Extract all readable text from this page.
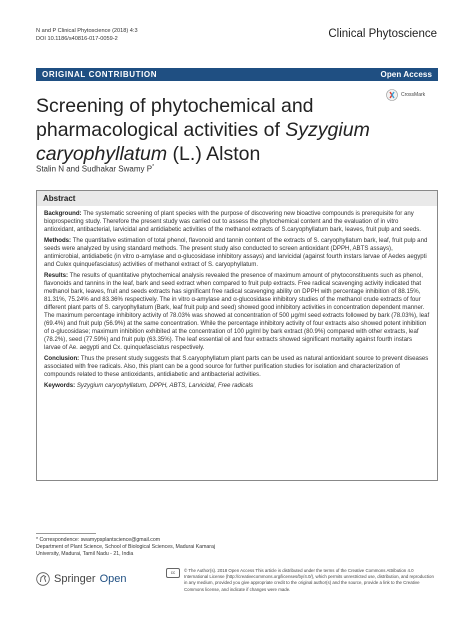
N and P Clinical Phytoscience (2018) 4:3
DOI 10.1186/s40816-017-0059-2	Clinical Phytoscience
ORIGINAL CONTRIBUTION	Open Access
CrossMark
Screening of phytochemical and pharmacological activities of Syzygium caryophyllatum (L.) Alston
Stalin N and Sudhakar Swamy P*
Abstract

Background: The systematic screening of plant species with the purpose of discovering new bioactive compounds is prerequisite for any bioprospecting study. Therefore the present study was carried out to assess the phytochemical content and the evaluation of in vitro antioxidant, antibacterial, larvicidal and antidiabetic activities of the methanol extracts of S.caryophyllatum bark, leaves, fruit pulp and seeds.

Methods: The quantitative estimation of total phenol, flavonoid and tannin content of the extracts of S. caryophyllatum bark, leaf, fruit pulp and seeds were analyzed by using standard methods. The present study also conducted to screen antioxidant (DPPH, ABTS assays), antimicrobial, antidiabetic (in vitro α-amylase and α-glucosidase inhibitory assays) and larvicidal (against fourth instars larvae of Aedes aegypti and Culex quinquefasciatus) activities of methanol extract of S. caryophyllatum.

Results: The results of quantitative phytochemical analysis revealed the presence of maximum amount of phytoconstituents such as phenol, flavonoids and tannins in the leaf, bark and seed extract when compared to fruit pulp extracts. Free radical scavenging activity indicated that methanol bark, leaves, fruit and seeds extracts has significant free radical scavenging ability on DPPH with percentage inhibition of 88.15%, 81.31%, 75.24% and 83.36% respectively. The in vitro α-amylase and α-glucosidase inhibitory studies of the methanol crude extracts of four different plant parts of S. caryophyllatum (Bark, leaf fruit pulp and seed) showed good inhibitory activities in concentration dependent manner. The maximum percentage inhibitory activity of 78.03% was showed at concentration of 500 μg/ml seed extracts followed by bark (78.03%), leaf (69.4%) and fruit pulp (56.9%) at the same concentration. While the percentage inhibitory activity of four extracts also showed potent inhibition of α-glucosidase; maximum inhibition exhibited at the concentration of 100 μg/ml by bark extract (80.9%) compared with other extracts, leaf (78.2%), seed (77.59%) and fruit pulp (63.35%). The leaf essential oil and four extracts showed significant mortality against fourth instars larvae of Ae. aegypti and Cx. quinquefasciatus respectively.

Conclusion: Thus the present study suggests that S.caryophyllatum plant parts can be used as natural antioxidant source to prevent diseases associated with free radicals. Also, this plant can be a good source for further purification studies for isolation and characterization of compounds related to these antioxidants, antidiabetic and antibacterial activities.

Keywords: Syzygium caryophyllatum, DPPH, ABTS, Larvicidal, Free radicals

* Correspondence: swamypsplantscience@gmail.com
Department of Plant Science, School of Biological Sciences, Madurai Kamaraj University, Madurai, Tamil Nadu - 21, India
Springer Open
cc	© The Author(s). 2018 Open Access This article is distributed under the terms of the Creative Commons Attribution 4.0 International License (http://creativecommons.org/licenses/by/4.0/), which permits unrestricted use, distribution, and reproduction in any medium, provided you give appropriate credit to the original author(s) and the source, provide a link to the Creative Commons license, and indicate if changes were made.
